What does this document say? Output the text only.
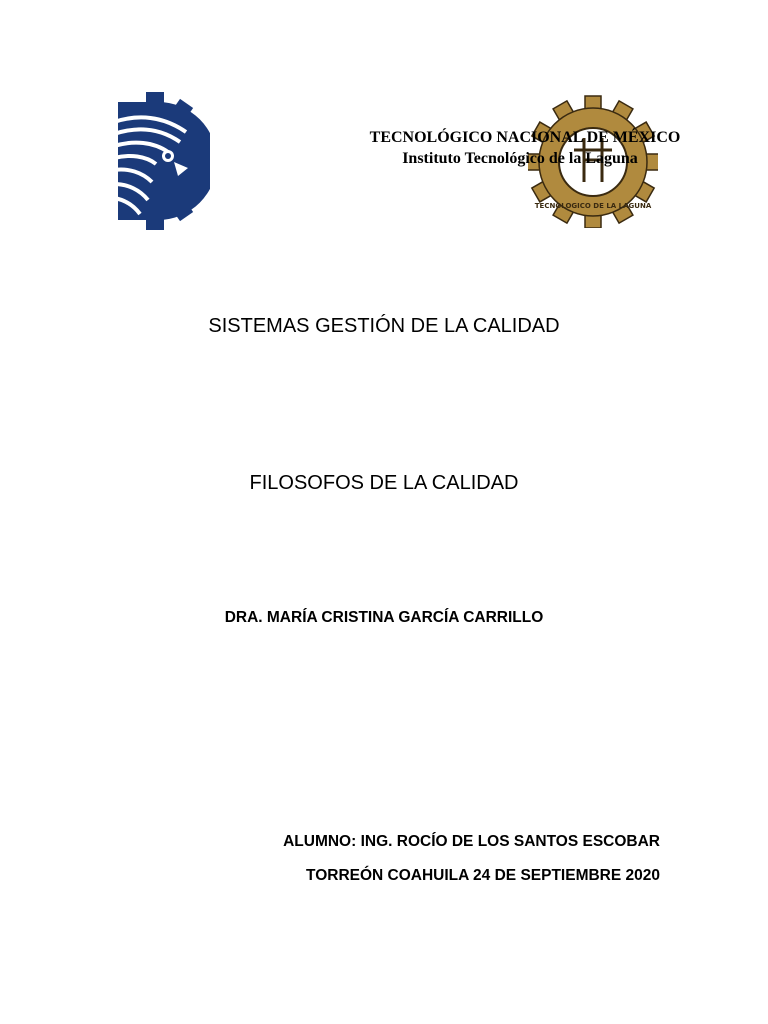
TECNOLOGICO DE LA LAGUNA
TECNOLÓGICO NACIONAL DE MÉXICO
Instituto Tecnológico de la Laguna
SISTEMAS GESTIÓN DE LA CALIDAD
FILOSOFOS DE LA CALIDAD
DRA. MARÍA CRISTINA GARCÍA CARRILLO
ALUMNO: ING. ROCÍO DE LOS SANTOS ESCOBAR
TORREÓN COAHUILA 24 DE SEPTIEMBRE 2020
